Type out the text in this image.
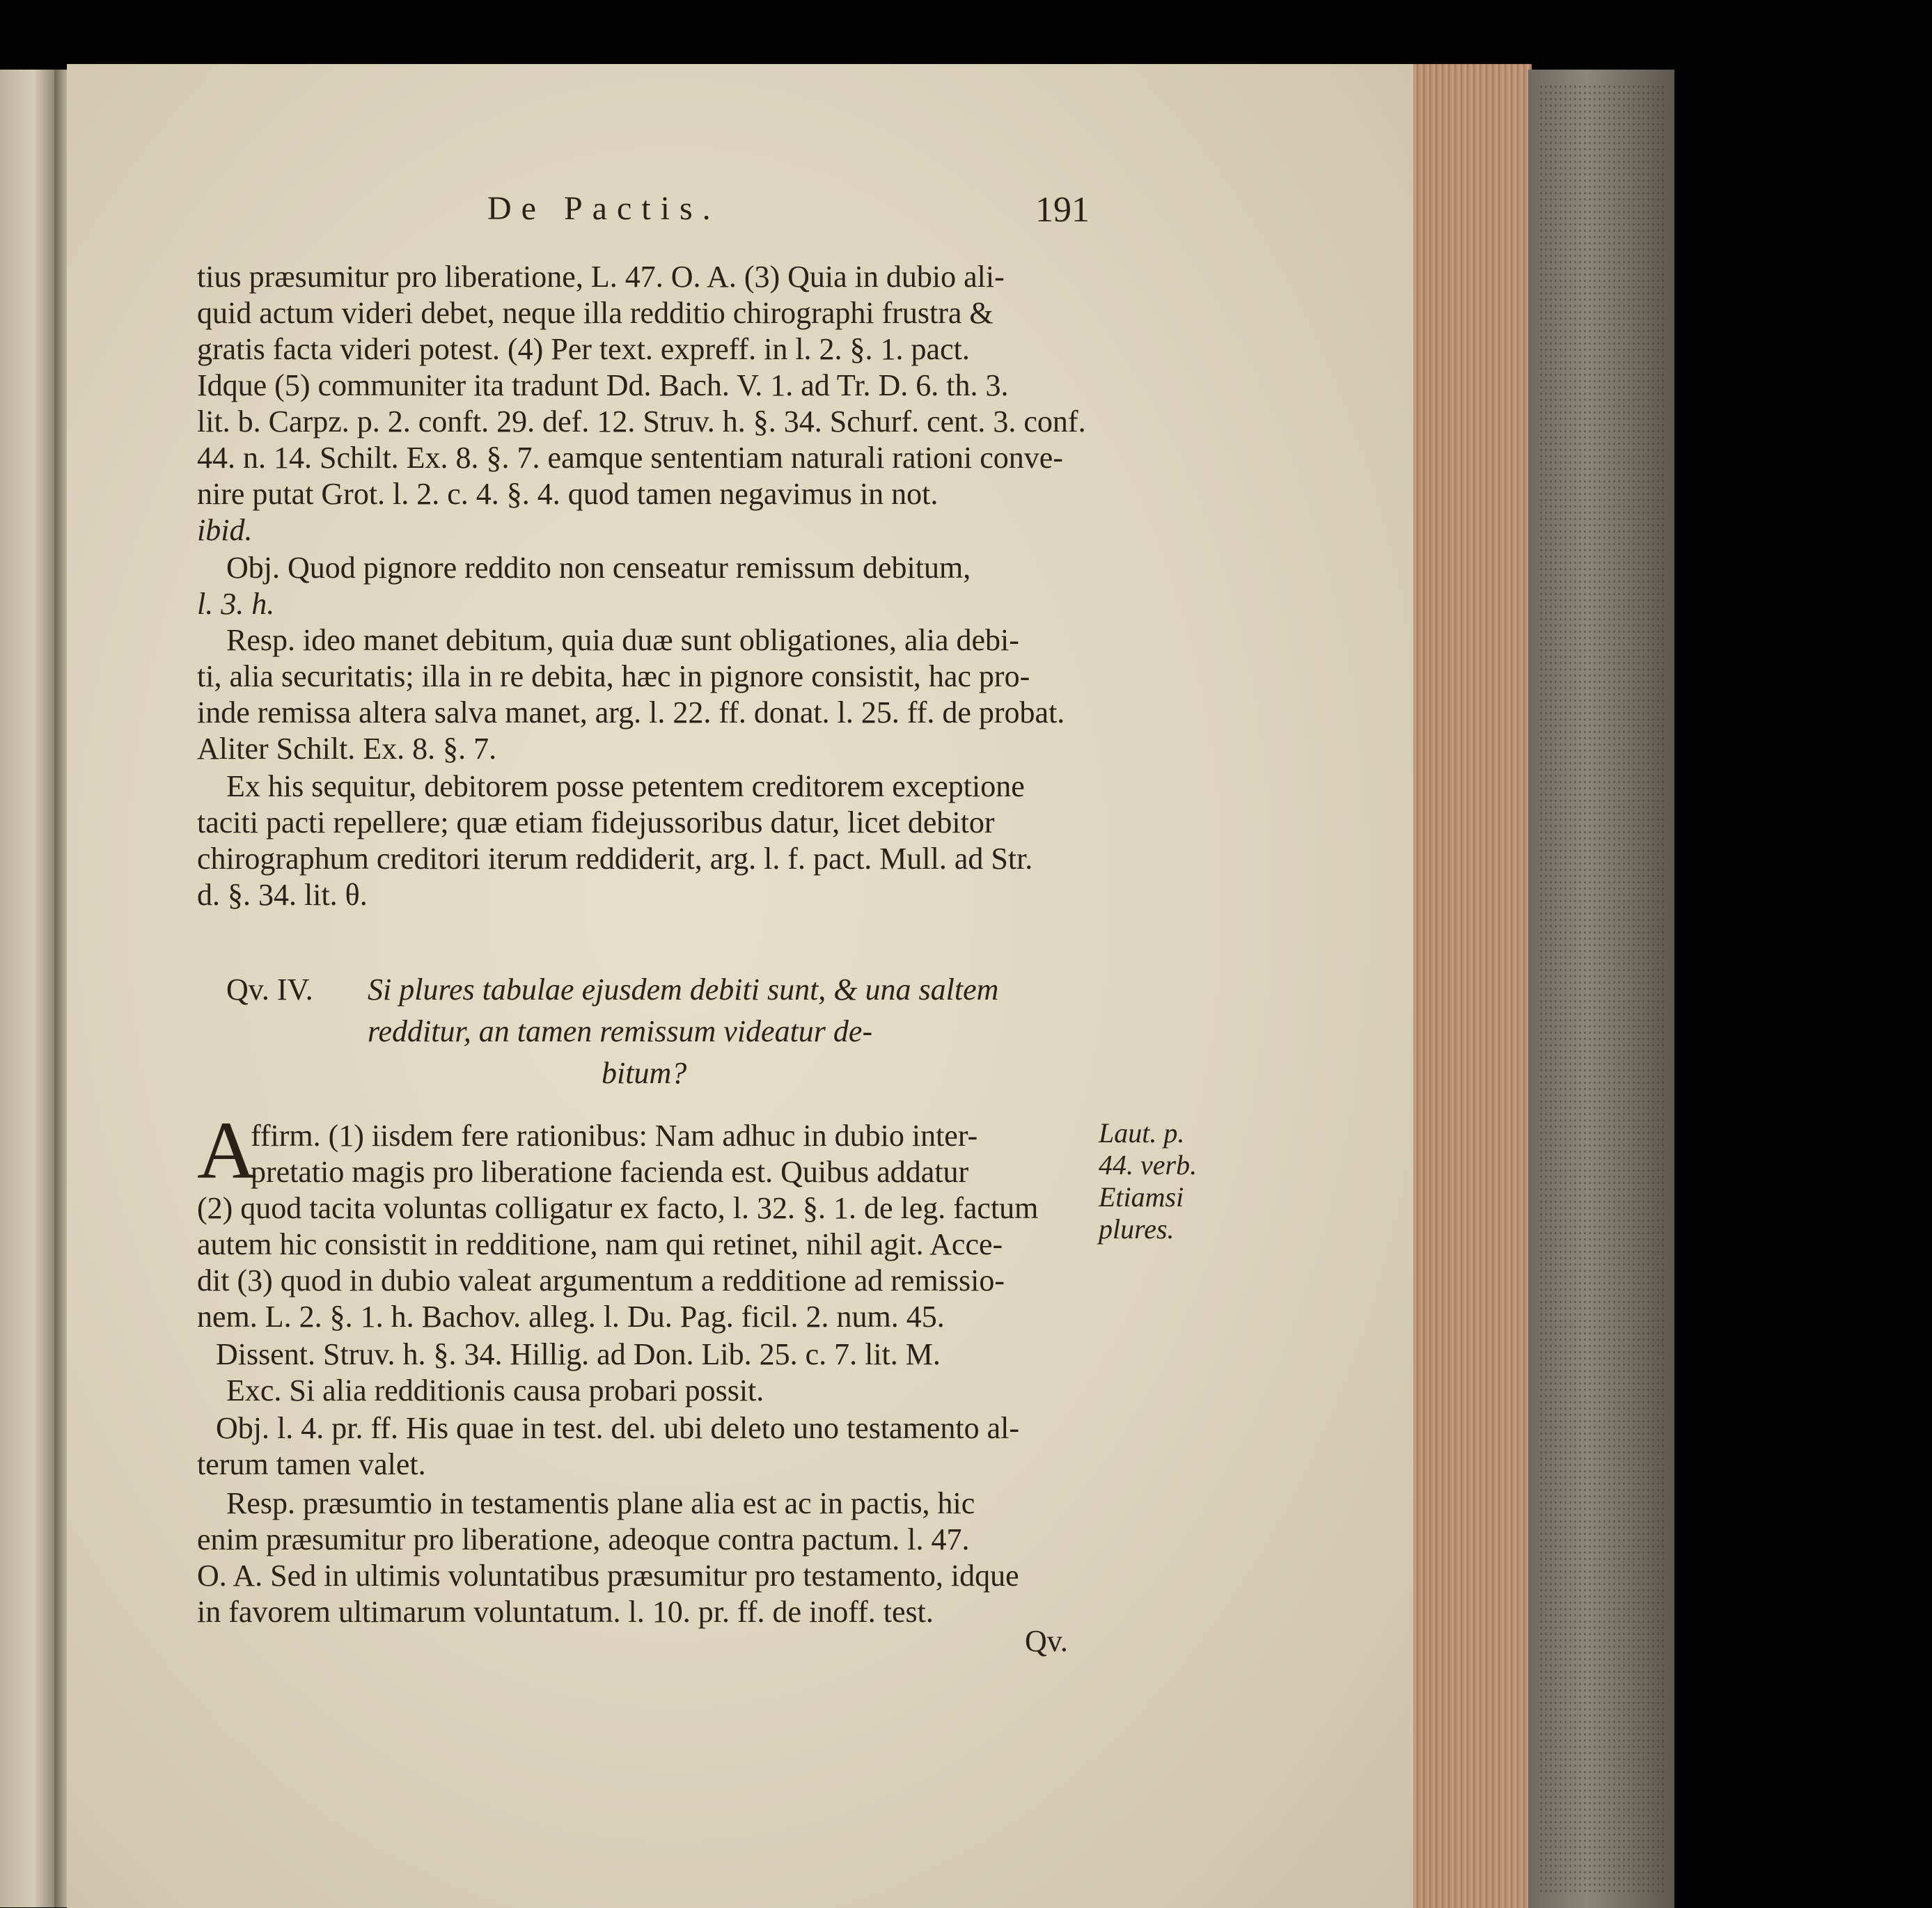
De Pactis.	191
tius præsumitur pro liberatione, L. 47. O. A. (3) Quia in dubio ali-
quid actum videri debet, neque illa redditio chirographi frustra &
gratis facta videri potest. (4) Per text. expreff. in l. 2. §. 1. pact.
Idque (5) communiter ita tradunt Dd. Bach. V. 1. ad Tr. D. 6. th. 3.
lit. b. Carpz. p. 2. conft. 29. def. 12. Struv. h. §. 34. Schurf. cent. 3. conf.
44. n. 14. Schilt. Ex. 8. §. 7. eamque sententiam naturali rationi conve-
nire putat Grot. l. 2. c. 4. §. 4. quod tamen negavimus in not.
ibid.
Obj. Quod pignore reddito non censeatur remissum debitum,
l. 3. h.
Resp. ideo manet debitum, quia duæ sunt obligationes, alia debi-
ti, alia securitatis; illa in re debita, hæc in pignore consistit, hac pro-
inde remissa altera salva manet, arg. l. 22. ff. donat. l. 25. ff. de probat.
Aliter Schilt. Ex. 8. §. 7.
Ex his sequitur, debitorem posse petentem creditorem exceptione
taciti pacti repellere; quæ etiam fidejussoribus datur, licet debitor
chirographum creditori iterum reddiderit, arg. l. f. pact. Mull. ad Str.
d. §. 34. lit. θ.
Qv. IV. Si plures tabulae ejusdem debiti sunt, & una saltem
redditur, an tamen remissum videatur de-
bitum?
A
ffirm. (1) iisdem fere rationibus: Nam adhuc in dubio inter-
pretatio magis pro liberatione facienda est. Quibus addatur
(2) quod tacita voluntas colligatur ex facto, l. 32. §. 1. de leg. factum
autem hic consistit in redditione, nam qui retinet, nihil agit. Acce-
dit (3) quod in dubio valeat argumentum a redditione ad remissio-
nem. L. 2. §. 1. h. Bachov. alleg. l. Du. Pag. ficil. 2. num. 45.
Laut. p.
44. verb.
Etiamsi
plures.
Dissent. Struv. h. §. 34. Hillig. ad Don. Lib. 25. c. 7. lit. M.
Exc. Si alia redditionis causa probari possit.
Obj. l. 4. pr. ff. His quae in test. del. ubi deleto uno testamento al-
terum tamen valet.
Resp. præsumtio in testamentis plane alia est ac in pactis, hic
enim præsumitur pro liberatione, adeoque contra pactum. l. 47.
O. A. Sed in ultimis voluntatibus præsumitur pro testamento, idque
in favorem ultimarum voluntatum. l. 10. pr. ff. de inoff. test.
Qv.
